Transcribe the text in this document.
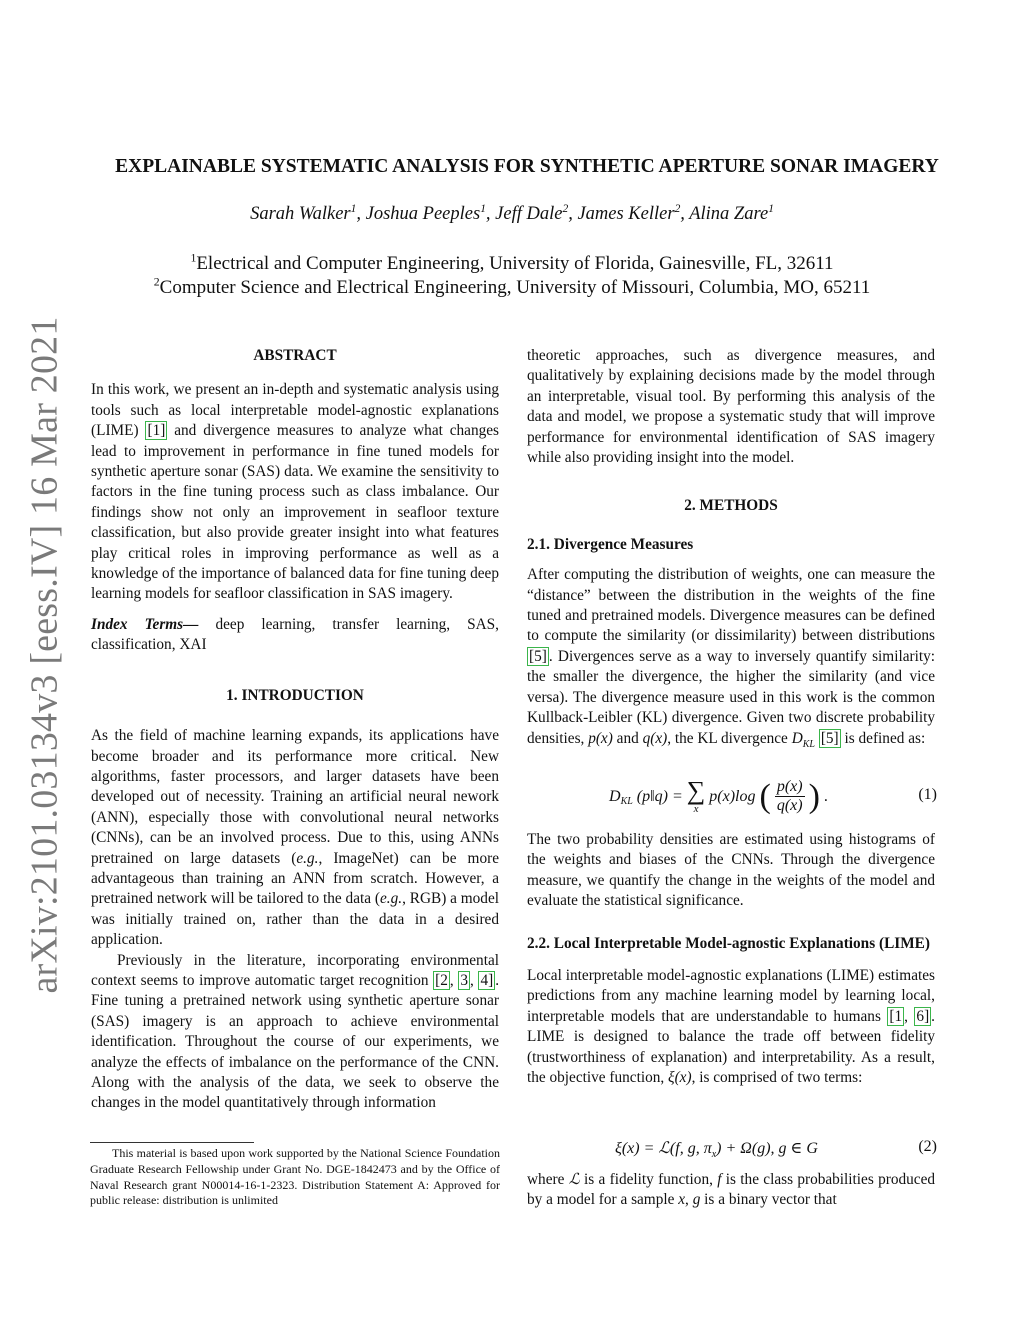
arXiv:2101.03134v3 [eess.IV] 16 Mar 2021
EXPLAINABLE SYSTEMATIC ANALYSIS FOR SYNTHETIC APERTURE SONAR IMAGERY
Sarah Walker$^1$, Joshua Peeples$^1$, Jeff Dale$^2$, James Keller$^2$, Alina Zare$^1$
$^1$Electrical and Computer Engineering, University of Florida, Gainesville, FL, 32611
$^2$Computer Science and Electrical Engineering, University of Missouri, Columbia, MO, 65211
ABSTRACT

In this work, we present an in-depth and systematic analysis using tools such as local interpretable model-agnostic explanations (LIME) [1] and divergence measures to analyze what changes lead to improvement in performance in fine tuned models for synthetic aperture sonar (SAS) data. We examine the sensitivity to factors in the fine tuning process such as class imbalance. Our findings show not only an improvement in seafloor texture classification, but also provide greater insight into what features play critical roles in improving performance as well as a knowledge of the importance of balanced data for fine tuning deep learning models for seafloor classification in SAS imagery.

Index Terms— deep learning, transfer learning, SAS, classification, XAI

1. INTRODUCTION

As the field of machine learning expands, its applications have become broader and its performance more critical. New algorithms, faster processors, and larger datasets have been developed out of necessity. Training an artificial neural nework (ANN), especially those with convolutional neural networks (CNNs), can be an involved process. Due to this, using ANNs pretrained on large datasets (e.g., ImageNet) can be more advantageous than training an ANN from scratch. However, a pretrained network will be tailored to the data (e.g., RGB) a model was initially trained on, rather than the data in a desired application.

Previously in the literature, incorporating environmental context seems to improve automatic target recognition [2 , 3 , 4] . Fine tuning a pretrained network using synthetic aperture sonar (SAS) imagery is an approach to achieve environmental identification. Throughout the course of our experiments, we analyze the effects of imbalance on the performance of the CNN. Along with the analysis of the data, we seek to observe the changes in the model quantitatively through information

This material is based upon work supported by the National Science Foundation Graduate Research Fellowship under Grant No. DGE-1842473 and by the Office of Naval Research grant N00014-16-1-2323. Distribution Statement A: Approved for public release: distribution is unlimited

theoretic approaches, such as divergence measures, and qualitatively by explaining decisions made by the model through an interpretable, visual tool. By performing this analysis of the data and model, we propose a systematic study that will improve performance for environmental identification of SAS imagery while also providing insight into the model.

2. METHODS
2.1. Divergence Measures

After computing the distribution of weights, one can measure the “distance” between the distribution in the weights of the fine tuned and pretrained models. Divergence measures can be defined to compute the similarity (or dissimilarity) between distributions [5] . Divergences serve as a way to inversely quantify similarity: the smaller the divergence, the higher the similarity (and vice versa). The divergence measure used in this work is the common Kullback-Leibler (KL) divergence. Given two discrete probability densities, p(x) and q(x), the KL divergence $D_{KL}$ [5] is defined as:

$D_{KL}$ (p‖q) = ∑
x
p(x)log ( $\frac{p(x)}{q(x)}$ ) .	(1)

The two probability densities are estimated using histograms of the weights and biases of the CNNs. Through the divergence measure, we quantify the change in the weights of the model and evaluate the statistical significance.

2.2. Local Interpretable Model-agnostic Explanations (LIME)

Local interpretable model-agnostic explanations (LIME) estimates predictions from any machine learning model by learning local, interpretable models that are understandable to humans [1 , 6] . LIME is designed to balance the trade off between fidelity (trustworthiness of explanation) and interpretability. As a result, the objective function, ξ(x), is comprised of two terms:

ξ(x) = ℒ(f, g, $\pi_x) + \Omega(g)$, g ∈ G	(2)

where ℒ is a fidelity function, f is the class probabilities produced by a model for a sample x, g is a binary vector that
